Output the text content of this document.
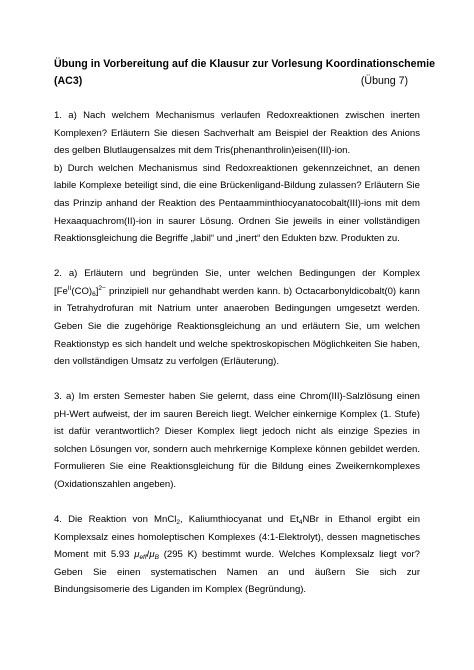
Übung in Vorbereitung auf die Klausur zur Vorlesung Koordinationschemie
(AC3)	(Übung 7)

1. a) Nach welchem Mechanismus verlaufen Redoxreaktionen zwischen inerten Komplexen? Erläutern Sie diesen Sachverhalt am Beispiel der Reaktion des Anions des gelben Blutlaugensalzes mit dem Tris(phenanthrolin)eisen(III)-ion.

b) Durch welchen Mechanismus sind Redoxreaktionen gekennzeichnet, an denen labile Komplexe beteiligt sind, die eine Brückenligand-Bildung zulassen? Erläutern Sie das Prinzip anhand der Reaktion des Pentaamminthiocyanatocobalt(III)-ions mit dem Hexaaquachrom(II)-ion in saurer Lösung. Ordnen Sie jeweils in einer vollständigen Reaktionsgleichung die Begriffe „labil“ und „inert“ den Edukten bzw. Produkten zu.

2. a) Erläutern und begründen Sie, unter welchen Bedingungen der Komplex $[Fe^{II}(CO)_6]^{2-}$ prinzipiell nur gehandhabt werden kann. b) Octacarbonyldicobalt(0) kann in Tetrahydrofuran mit Natrium unter anaeroben Bedingungen umgesetzt werden. Geben Sie die zugehörige Reaktionsgleichung an und erläutern Sie, um welchen Reaktionstyp es sich handelt und welche spektroskopischen Möglichkeiten Sie haben, den vollständigen Umsatz zu verfolgen (Erläuterung).

3. a) Im ersten Semester haben Sie gelernt, dass eine Chrom(III)-Salzlösung einen pH-Wert aufweist, der im sauren Bereich liegt. Welcher einkernige Komplex (1. Stufe) ist dafür verantwortlich? Dieser Komplex liegt jedoch nicht als einzige Spezies in solchen Lösungen vor, sondern auch mehrkernige Komplexe können gebildet werden. Formulieren Sie eine Reaktionsgleichung für die Bildung eines Zweikernkomplexes (Oxidationszahlen angeben).

4. Die Reaktion von MnCl$_2$, Kaliumthiocyanat und $Et_4NBr$ in Ethanol ergibt ein Komplexsalz eines homoleptischen Komplexes (4:1-Elektrolyt), dessen magnetisches Moment mit 5.93 $\mu_{eff}/\mu_B$ (295 K) bestimmt wurde. Welches Komplexsalz liegt vor? Geben Sie einen systematischen Namen an und äußern Sie sich zur Bindungsisomerie des Liganden im Komplex (Begründung).
